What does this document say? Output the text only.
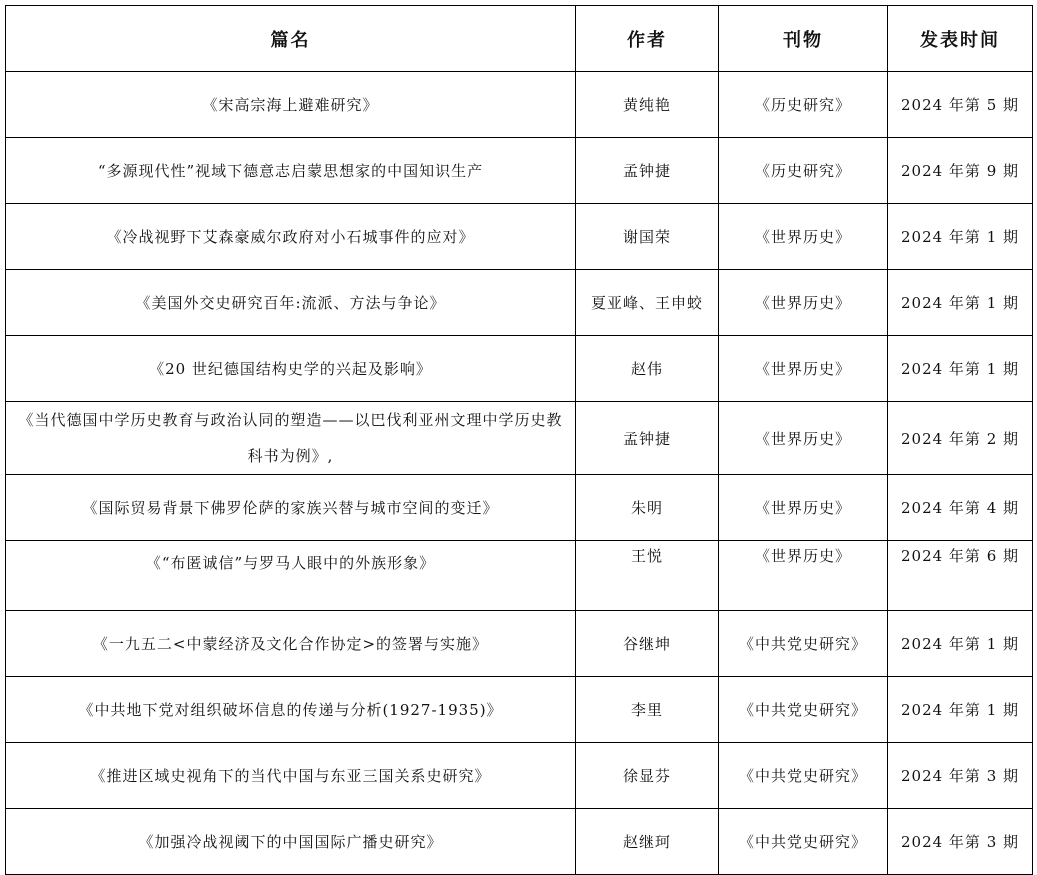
篇名	作者	刊物	发表时间
《宋高宗海上避难研究》	黄纯艳	《历史研究》	2024 年第 5 期
“多源现代性”视域下德意志启蒙思想家的中国知识生产	孟钟捷	《历史研究》	2024 年第 9 期
《冷战视野下艾森豪威尔政府对小石城事件的应对》	谢国荣	《世界历史》	2024 年第 1 期
《美国外交史研究百年:流派、方法与争论》	夏亚峰、王申蛟	《世界历史》	2024 年第 1 期
《20 世纪德国结构史学的兴起及影响》	赵伟	《世界历史》	2024 年第 1 期
《当代德国中学历史教育与政治认同的塑造——以巴伐利亚州文理中学历史教科书为例》,	孟钟捷	《世界历史》	2024 年第 2 期
《国际贸易背景下佛罗伦萨的家族兴替与城市空间的变迁》	朱明	《世界历史》	2024 年第 4 期
《“布匿诚信”与罗马人眼中的外族形象》	王悦	《世界历史》	2024 年第 6 期
《一九五二<中蒙经济及文化合作协定>的签署与实施》	谷继坤	《中共党史研究》	2024 年第 1 期
《中共地下党对组织破坏信息的传递与分析(1927-1935)》	李里	《中共党史研究》	2024 年第 1 期
《推进区域史视角下的当代中国与东亚三国关系史研究》	徐显芬	《中共党史研究》	2024 年第 3 期
《加强冷战视阈下的中国国际广播史研究》	赵继珂	《中共党史研究》	2024 年第 3 期
